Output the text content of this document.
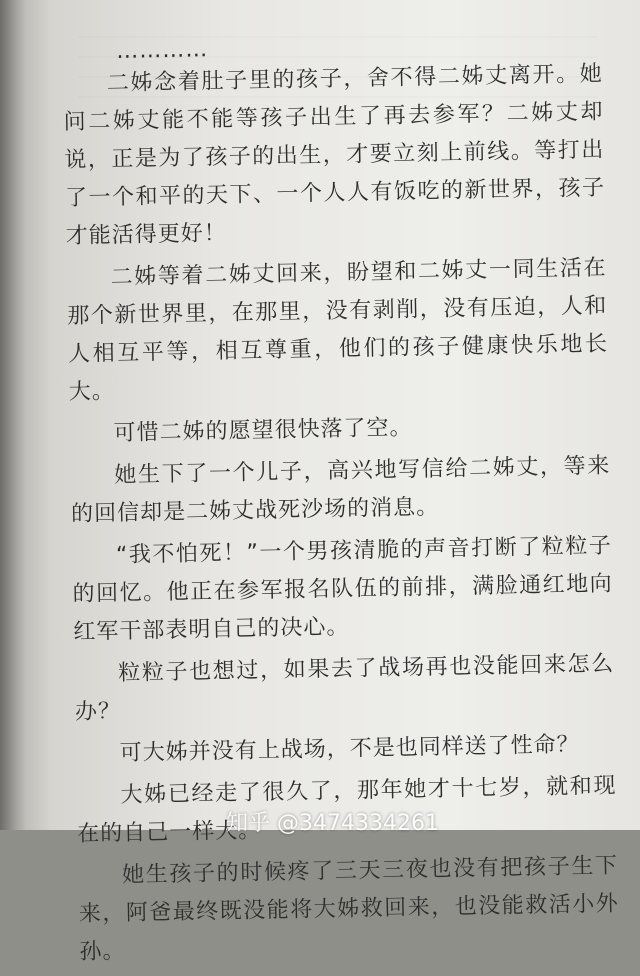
…………

二姊念着肚子里的孩子，舍不得二姊丈离开。她问二姊丈能不能等孩子出生了再去参军？二姊丈却说，正是为了孩子的出生，才要立刻上前线。等打出了一个和平的天下、一个人人有饭吃的新世界，孩子才能活得更好！

二姊等着二姊丈回来，盼望和二姊丈一同生活在那个新世界里，在那里，没有剥削，没有压迫，人和人相互平等，相互尊重，他们的孩子健康快乐地长大。

可惜二姊的愿望很快落了空。

她生下了一个儿子，高兴地写信给二姊丈，等来的回信却是二姊丈战死沙场的消息。

“我不怕死！”一个男孩清脆的声音打断了粒粒子的回忆。他正在参军报名队伍的前排，满脸通红地向红军干部表明自己的决心。

粒粒子也想过，如果去了战场再也没能回来怎么办？

可大姊并没有上战场，不是也同样送了性命？

大姊已经走了很久了，那年她才十七岁，就和现在的自己一样大。

她生孩子的时候疼了三天三夜也没有把孩子生下来，阿爸最终既没能将大姊救回来，也没能救活小外孙。

知乎 @3474334261
